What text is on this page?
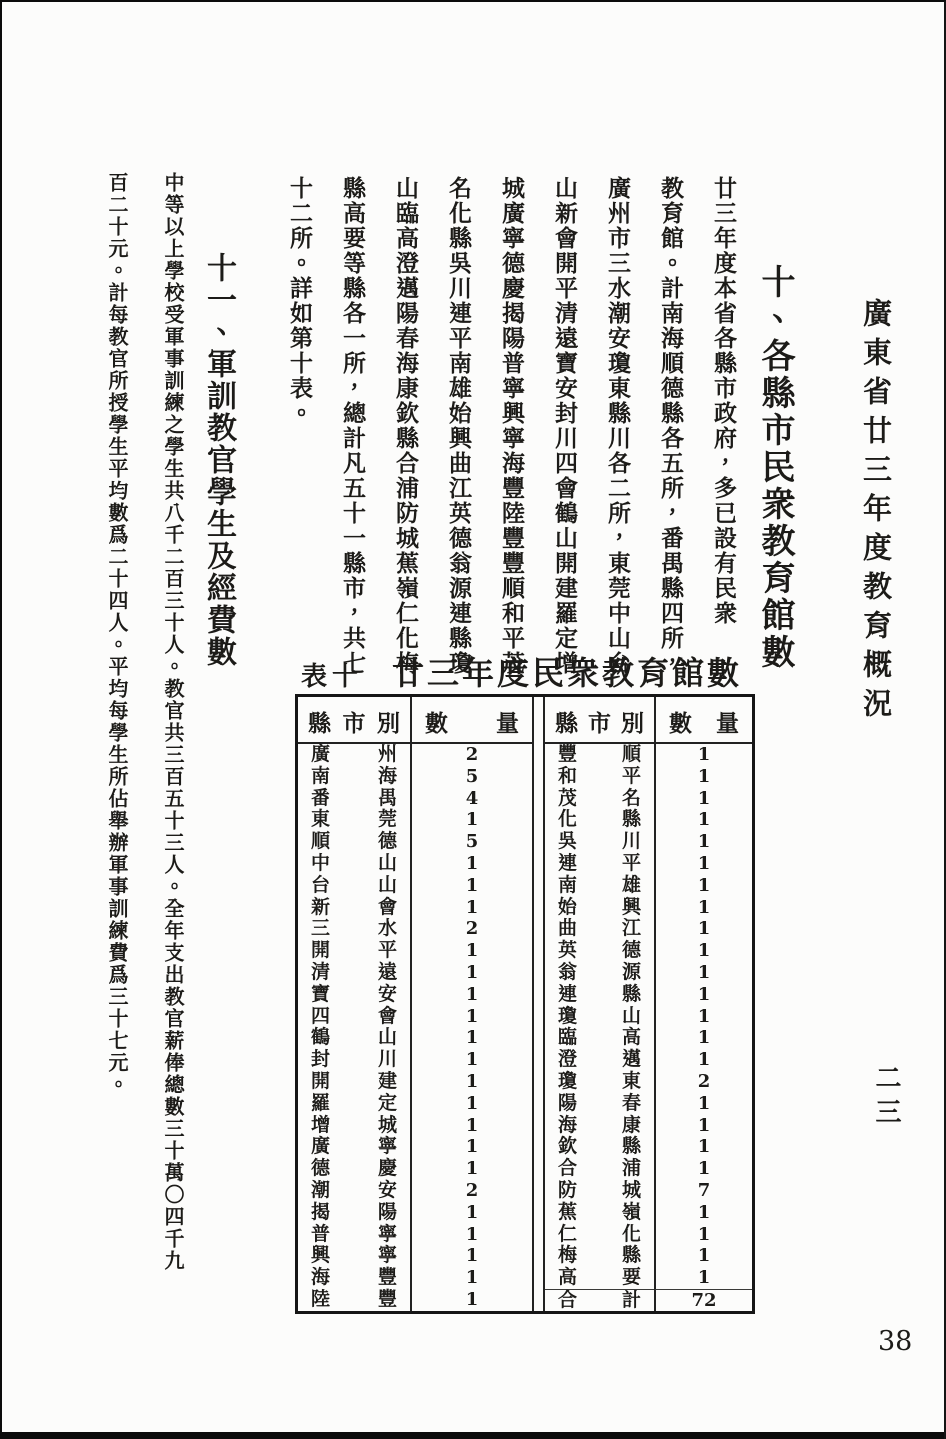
廣東省廿三年度教育概況
十、各縣市民衆教育館數
廿三年度本省各縣市政府，多已設有民衆
教育館。計南海順德縣各五所，番禺縣四所，
廣州市三水潮安瓊東縣川各二所，東莞中山台
山新會開平清遠寶安封川四會鶴山開建羅定增
城廣寧德慶揭陽普寧興寧海豐陸豐豐順和平茂
名化縣吳川連平南雄始興曲江英德翁源連縣瓊
山臨高澄邁陽春海康欽縣合浦防城蕉嶺仁化梅
縣高要等縣各一所，總計凡五十一縣市，共七
十二所。詳如第十表。
表十 廿三年度民衆教育館數
縣市別	數量
廣州	2
南海	5
番禺	4
東莞	1
順德	5
中山	1
台山	1
新會	1
三水	2
開平	1
清遠	1
寶安	1
四會	1
鶴山	1
封川	1
開建	1
羅定	1
增城	1
廣寧	1
德慶	1
潮安	2
揭陽	1
普寧	1
興寧	1
海豐	1
陸豐	1
縣市別	數量
豐順	1
和平	1
茂名	1
化縣	1
吳川	1
連平	1
南雄	1
始興	1
曲江	1
英德	1
翁源	1
連縣	1
瓊山	1
臨高	1
澄邁	1
瓊東	2
陽春	1
海康	1
欽縣	1
合浦	1
防城	7
蕉嶺	1
仁化	1
梅縣	1
高要	1
合計	72
十一、軍訓教官學生及經費數
中等以上學校受軍事訓練之學生共八千二百三十人。教官共三百五十三人。全年支出教官薪俸總數三十萬〇四千九
百二十元。計每教官所授學生平均數爲二十四人。平均每學生所佔舉辦軍事訓練費爲三十七元。
二三
38
